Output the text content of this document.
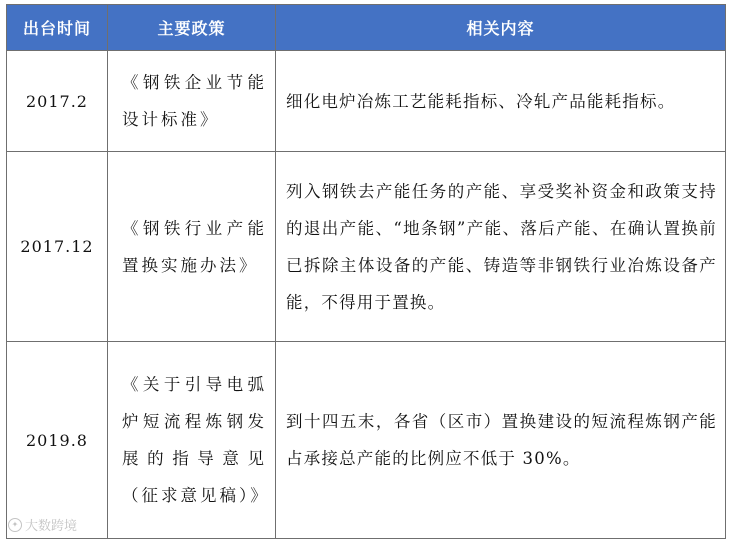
出台时间	主要政策	相关内容
2017.2	《钢铁企业节能设计标准》	细化电炉冶炼工艺能耗指标、冷轧产品能耗指标。
2017.12	《钢铁行业产能置换实施办法》	列入钢铁去产能任务的产能、享受奖补资金和政策支持的退出产能、“地条钢”产能、落后产能、在确认置换前已拆除主体设备的产能、铸造等非钢铁行业冶炼设备产能，不得用于置换。
2019.8	《关于引导电弧炉短流程炼钢发展的指导意见（征求意见稿）》	到十四五末，各省（区市）置换建设的短流程炼钢产能占承接总产能的比例应不低于 30%。
✦ 大数跨境
